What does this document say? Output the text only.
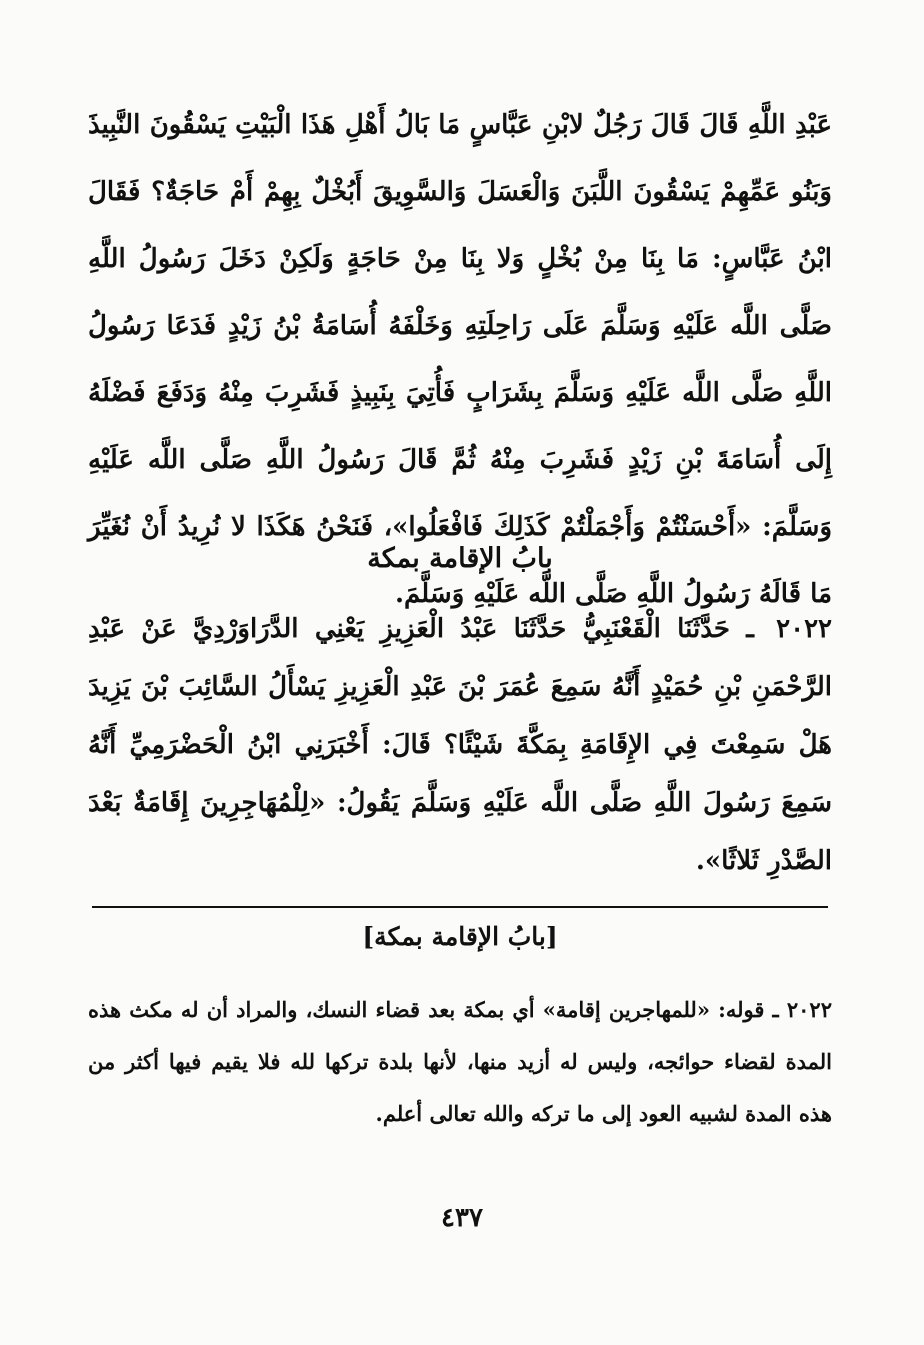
عَبْدِ اللَّهِ قَالَ قَالَ رَجُلٌ لابْنِ عَبَّاسٍ مَا بَالُ أَهْلِ هَذَا الْبَيْتِ يَسْقُونَ النَّبِيذَ وَبَنُو عَمِّهِمْ يَسْقُونَ اللَّبَنَ وَالْعَسَلَ وَالسَّوِيقَ أَبُخْلٌ بِهِمْ أَمْ حَاجَةٌ؟ فَقَالَ ابْنُ عَبَّاسٍ: مَا بِنَا مِنْ بُخْلٍ وَلا بِنَا مِنْ حَاجَةٍ وَلَكِنْ دَخَلَ رَسُولُ اللَّهِ صَلَّى اللَّه عَلَيْهِ وَسَلَّمَ عَلَى رَاحِلَتِهِ وَخَلْفَهُ أُسَامَةُ بْنُ زَيْدٍ فَدَعَا رَسُولُ اللَّهِ صَلَّى اللَّه عَلَيْهِ وَسَلَّمَ بِشَرَابٍ فَأُتِيَ بِنَبِيذٍ فَشَرِبَ مِنْهُ وَدَفَعَ فَضْلَهُ إِلَى أُسَامَةَ بْنِ زَيْدٍ فَشَرِبَ مِنْهُ ثُمَّ قَالَ رَسُولُ اللَّهِ صَلَّى اللَّه عَلَيْهِ وَسَلَّمَ: «أَحْسَنْتُمْ وَأَجْمَلْتُمْ كَذَلِكَ فَافْعَلُوا»، فَنَحْنُ هَكَذَا لا نُرِيدُ أَنْ نُغَيِّرَ مَا قَالَهُ رَسُولُ اللَّهِ صَلَّى اللَّه عَلَيْهِ وَسَلَّمَ.

بابُ الإقامة بمكة

٢٠٢٢ ـ حَدَّثَنَا الْقَعْنَبِيُّ حَدَّثَنَا عَبْدُ الْعَزِيزِ يَعْنِي الدَّرَاوَرْدِيَّ عَنْ عَبْدِ الرَّحْمَنِ بْنِ حُمَيْدٍ أَنَّهُ سَمِعَ عُمَرَ بْنَ عَبْدِ الْعَزِيزِ يَسْأَلُ السَّائِبَ بْنَ يَزِيدَ هَلْ سَمِعْتَ فِي الإِقَامَةِ بِمَكَّةَ شَيْئًا؟ قَالَ: أَخْبَرَنِي ابْنُ الْحَضْرَمِيِّ أَنَّهُ سَمِعَ رَسُولَ اللَّهِ صَلَّى اللَّه عَلَيْهِ وَسَلَّمَ يَقُولُ: «لِلْمُهَاجِرِينَ إِقَامَةٌ بَعْدَ الصَّدْرِ ثَلاثًا».

[بابُ الإقامة بمكة]

٢٠٢٢ ـ قوله: «للمهاجرين إقامة» أي بمكة بعد قضاء النسك، والمراد أن له مكث هذه المدة لقضاء حوائجه، وليس له أزيد منها، لأنها بلدة تركها لله فلا يقيم فيها أكثر من هذه المدة لشبيه العود إلى ما تركه والله تعالى أعلم.

٤٣٧
